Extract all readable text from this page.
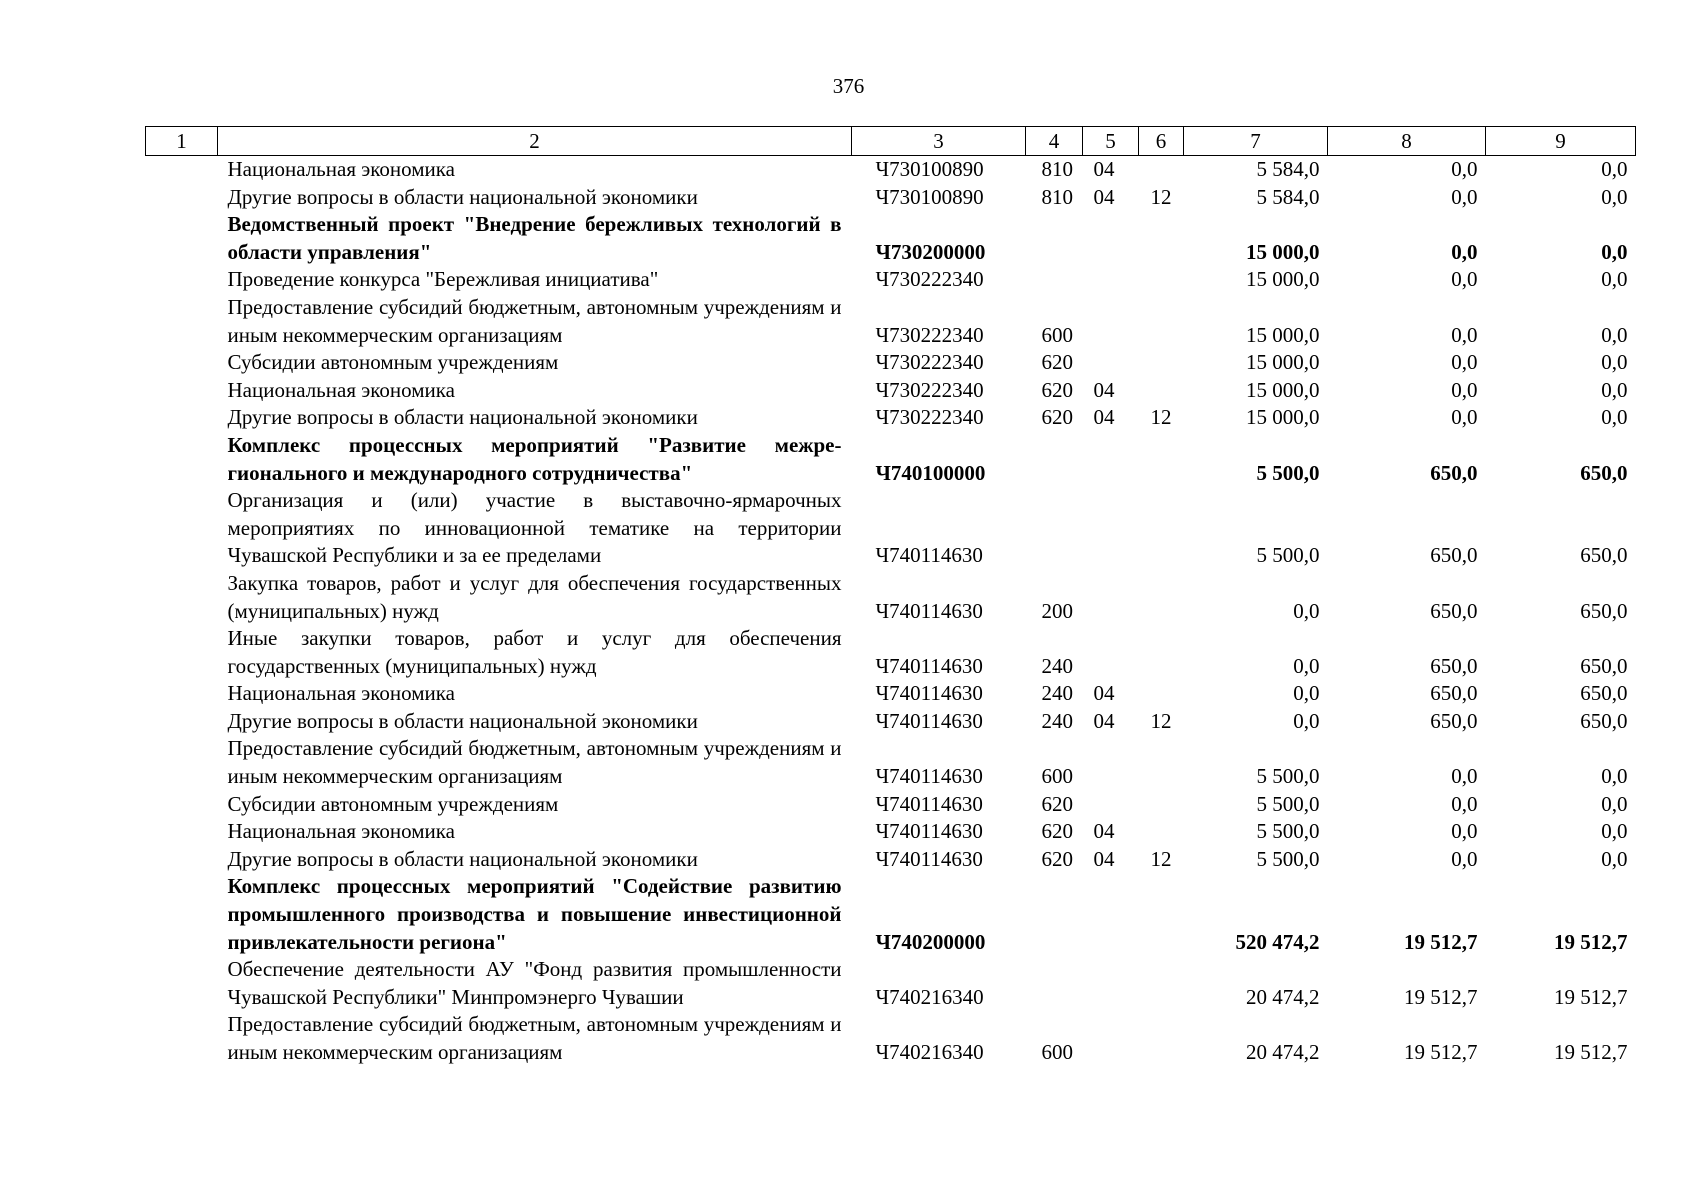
376
1	2	3	4	5	6	7	8	9
	Национальная экономика	Ч730100890	810	04		5 584,0	0,0	0,0
	Другие вопросы в области национальной экономики	Ч730100890	810	04	12	5 584,0	0,0	0,0
	Ведомственный проект "Внедрение бережливых технологий в области управления"	Ч730200000				15 000,0	0,0	0,0
	Проведение конкурса "Бережливая инициатива"	Ч730222340				15 000,0	0,0	0,0
	Предоставление субсидий бюджетным, автономным учреждениям и иным некоммерческим организациям	Ч730222340	600			15 000,0	0,0	0,0
	Субсидии автономным учреждениям	Ч730222340	620			15 000,0	0,0	0,0
	Национальная экономика	Ч730222340	620	04		15 000,0	0,0	0,0
	Другие вопросы в области национальной экономики	Ч730222340	620	04	12	15 000,0	0,0	0,0
	Комплекс процессных мероприятий "Развитие межрегионального и международного сотрудничества"	Ч740100000				5 500,0	650,0	650,0
	Организация и (или) участие в выставочно-ярмарочных мероприятиях по инновационной тематике на территории Чувашской Республики и за ее пределами	Ч740114630				5 500,0	650,0	650,0
	Закупка товаров, работ и услуг для обеспечения государственных (муниципальных) нужд	Ч740114630	200			0,0	650,0	650,0
	Иные закупки товаров, работ и услуг для обеспечения государственных (муниципальных) нужд	Ч740114630	240			0,0	650,0	650,0
	Национальная экономика	Ч740114630	240	04		0,0	650,0	650,0
	Другие вопросы в области национальной экономики	Ч740114630	240	04	12	0,0	650,0	650,0
	Предоставление субсидий бюджетным, автономным учреждениям и иным некоммерческим организациям	Ч740114630	600			5 500,0	0,0	0,0
	Субсидии автономным учреждениям	Ч740114630	620			5 500,0	0,0	0,0
	Национальная экономика	Ч740114630	620	04		5 500,0	0,0	0,0
	Другие вопросы в области национальной экономики	Ч740114630	620	04	12	5 500,0	0,0	0,0
	Комплекс процессных мероприятий "Содействие развитию промышленного производства и повышение инвестиционной привлекательности региона"	Ч740200000				520 474,2	19 512,7	19 512,7
	Обеспечение деятельности АУ "Фонд развития промышленности Чувашской Республики" Минпромэнерго Чувашии	Ч740216340				20 474,2	19 512,7	19 512,7
	Предоставление субсидий бюджетным, автономным учреждениям и иным некоммерческим организациям	Ч740216340	600			20 474,2	19 512,7	19 512,7
